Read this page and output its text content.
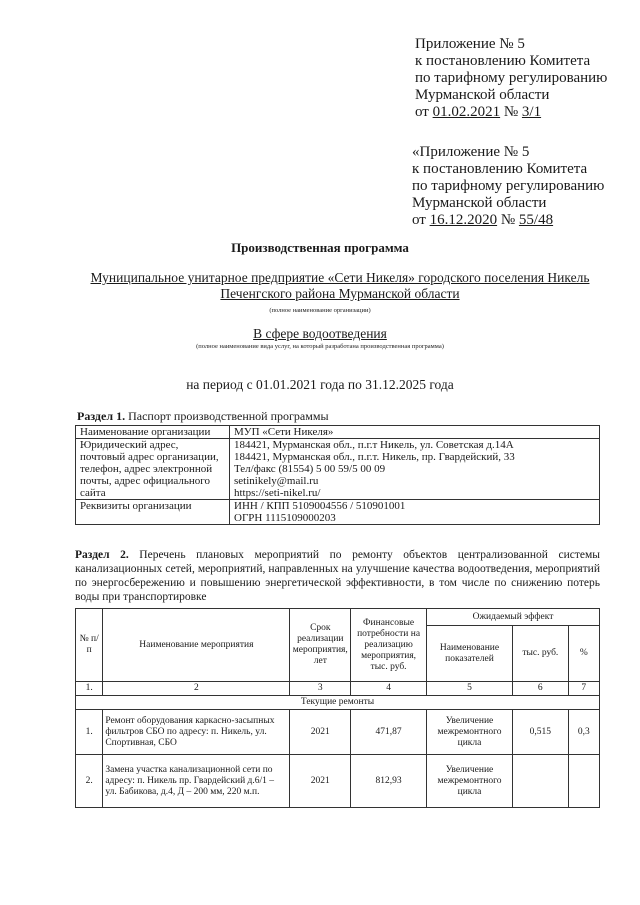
Приложение № 5
к постановлению Комитета
по тарифному регулированию
Мурманской области
от 01.02.2021 № 3/1
«Приложение № 5
к постановлению Комитета
по тарифному регулированию
Мурманской области
от 16.12.2020 № 55/48
Производственная программа
Муниципальное унитарное предприятие «Сети Никеля» городского поселения Никель Печенгского района Мурманской области
(полное наименование организации)
В сфере водоотведения
(полное наименование вида услуг, на который разработана производственная программа)
на период с 01.01.2021 года по 31.12.2025 года
Раздел 1. Паспорт производственной программы
Наименование организации	МУП «Сети Никеля»
Юридический адрес, почтовый адрес организации, телефон, адрес электронной почты, адрес официального сайта	184421, Мурманская обл., п.г.т Никель, ул. Советская д.14А
184421, Мурманская обл., п.г.т. Никель, пр. Гвардейский, 33
Тел/факс (81554) 5 00 59/5 00 09
setinikely@mail.ru
https://seti-nikel.ru/

Реквизиты организации	ИНН / КПП 5109004556 / 510901001
ОГРН 1115109000203
Раздел 2. Перечень плановых мероприятий по ремонту объектов централизованной системы канализационных сетей, мероприятий, направленных на улучшение качества водоотведения, мероприятий по энергосбережению и повышению энергетической эффективности, в том числе по снижению потерь воды при транспортировке
№ п/п	Наименование мероприятия	Срок реализации мероприятия, лет	Финансовые потребности на реализацию мероприятия, тыс. руб.	Ожидаемый эффект		
				Наименование показателей	тыс. руб.	%
1.	2	3	4	5	6	7
Текущие ремонты						
1.	Ремонт оборудования каркасно-засыпных фильтров СБО по адресу: п. Никель, ул. Спортивная, СБО	2021	471,87	Увеличение межремонтного цикла	0,515	0,3
2.	Замена участка канализационной сети по адресу: п. Никель пр. Гвардейский д.6/1 – ул. Бабикова, д.4, Д – 200 мм, 220 м.п.	2021	812,93	Увеличение межремонтного цикла		
